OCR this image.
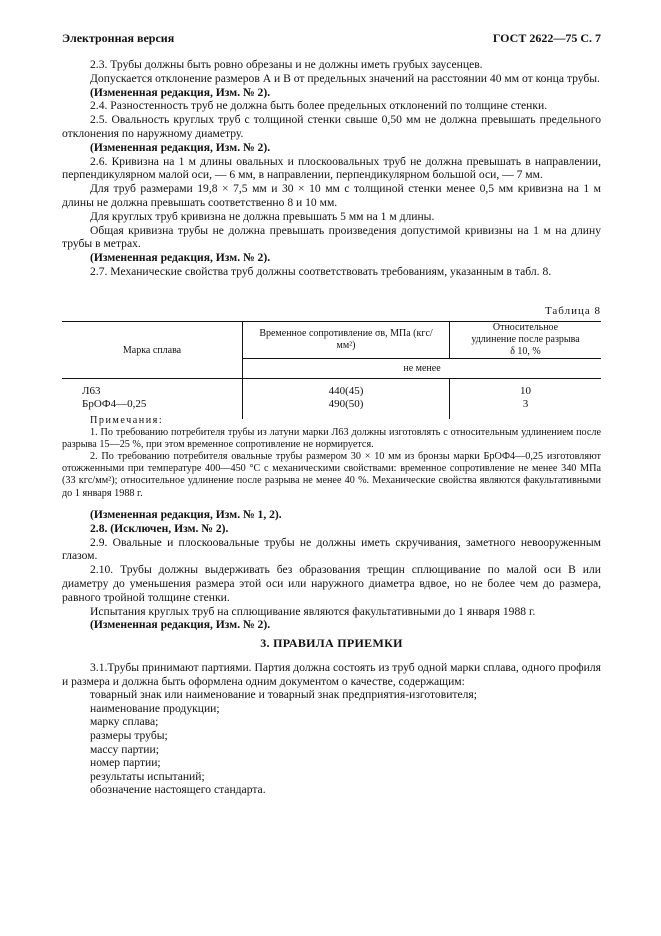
Электронная версия	ГОСТ 2622—75 С. 7

2.3. Трубы должны быть ровно обрезаны и не должны иметь грубых заусенцев.

Допускается отклонение размеров А и В от предельных значений на расстоянии 40 мм от конца трубы.

(Измененная редакция, Изм. № 2).

2.4. Разностенность труб не должна быть более предельных отклонений по толщине стенки.

2.5. Овальность круглых труб с толщиной стенки свыше 0,50 мм не должна превышать предельного отклонения по наружному диаметру.

(Измененная редакция, Изм. № 2).

2.6. Кривизна на 1 м длины овальных и плоскоовальных труб не должна превышать в направлении, перпендикулярном малой оси, — 6 мм, в направлении, перпендикулярном большой оси, — 7 мм.

Для труб размерами 19,8 × 7,5 мм и 30 × 10 мм с толщиной стенки менее 0,5 мм кривизна на 1 м длины не должна превышать соответственно 8 и 10 мм.

Для круглых труб кривизна не должна превышать 5 мм на 1 м длины.

Общая кривизна трубы не должна превышать произведения допустимой кривизны на 1 м на длину трубы в метрах.

(Измененная редакция, Изм. № 2).

2.7. Механические свойства труб должны соответствовать требованиям, указанным в табл. 8.

Таблица 8
Марка сплава	Временное сопротивление σв, МПа (кгс/мм²)	Относительное удлинение после разрыва δ 10, %
	не менее	
Л63	440(45)	10
БрОФ4—0,25	490(50)	3

Примечания:

1. По требованию потребителя трубы из латуни марки Л63 должны изготовлять с относительным удлинением после разрыва 15—25 %, при этом временное сопротивление не нормируется.

2. По требованию потребителя овальные трубы размером 30 × 10 мм из бронзы марки БрОФ4—0,25 изготовляют отожженными при температуре 400—450 °С с механическими свойствами: временное сопротивление не менее 340 МПа (33 кгс/мм²); относительное удлинение после разрыва не менее 40 %. Механические свойства являются факультативными до 1 января 1988 г.

(Измененная редакция, Изм. № 1, 2).

2.8. (Исключен, Изм. № 2).

2.9. Овальные и плоскоовальные трубы не должны иметь скручивания, заметного невооруженным глазом.

2.10. Трубы должны выдерживать без образования трещин сплющивание по малой оси В или диаметру до уменьшения размера этой оси или наружного диаметра вдвое, но не более чем до размера, равного тройной толщине стенки.

Испытания круглых труб на сплющивание являются факультативными до 1 января 1988 г.

(Измененная редакция, Изм. № 2).

3. ПРАВИЛА ПРИЕМКИ

3.1.Трубы принимают партиями. Партия должна состоять из труб одной марки сплава, одного профиля и размера и должна быть оформлена одним документом о качестве, содержащим:

товарный знак или наименование и товарный знак предприятия-изготовителя;

наименование продукции;

марку сплава;

размеры трубы;

массу партии;

номер партии;

результаты испытаний;

обозначение настоящего стандарта.
